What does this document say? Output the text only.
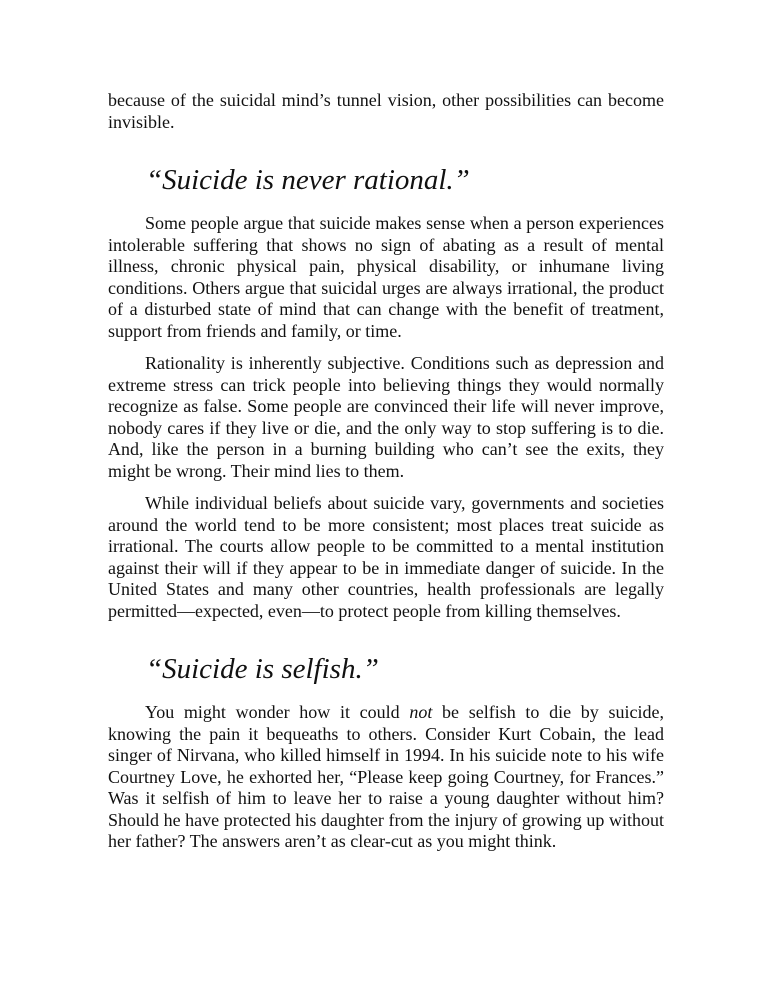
because of the suicidal mind’s tunnel vision, other possibilities can become invisible.

“Suicide is never rational.”

Some people argue that suicide makes sense when a person experiences intolerable suffering that shows no sign of abating as a result of mental illness, chronic physical pain, physical disability, or inhumane living conditions. Others argue that suicidal urges are always irrational, the product of a disturbed state of mind that can change with the benefit of treatment, support from friends and family, or time.

Rationality is inherently subjective. Conditions such as depression and extreme stress can trick people into believing things they would normally recognize as false. Some people are convinced their life will never improve, nobody cares if they live or die, and the only way to stop suffering is to die. And, like the person in a burning building who can’t see the exits, they might be wrong. Their mind lies to them.

While individual beliefs about suicide vary, governments and societies around the world tend to be more consistent; most places treat suicide as irrational. The courts allow people to be committed to a mental institution against their will if they appear to be in immediate danger of suicide. In the United States and many other countries, health professionals are legally permitted—expected, even—to protect people from killing themselves.

“Suicide is selfish.”

You might wonder how it could not be selfish to die by suicide, knowing the pain it bequeaths to others. Consider Kurt Cobain, the lead singer of Nirvana, who killed himself in 1994. In his suicide note to his wife Courtney Love, he exhorted her, “Please keep going Courtney, for Frances.” Was it selfish of him to leave her to raise a young daughter without him? Should he have protected his daughter from the injury of growing up without her father? The answers aren’t as clear-cut as you might think.
